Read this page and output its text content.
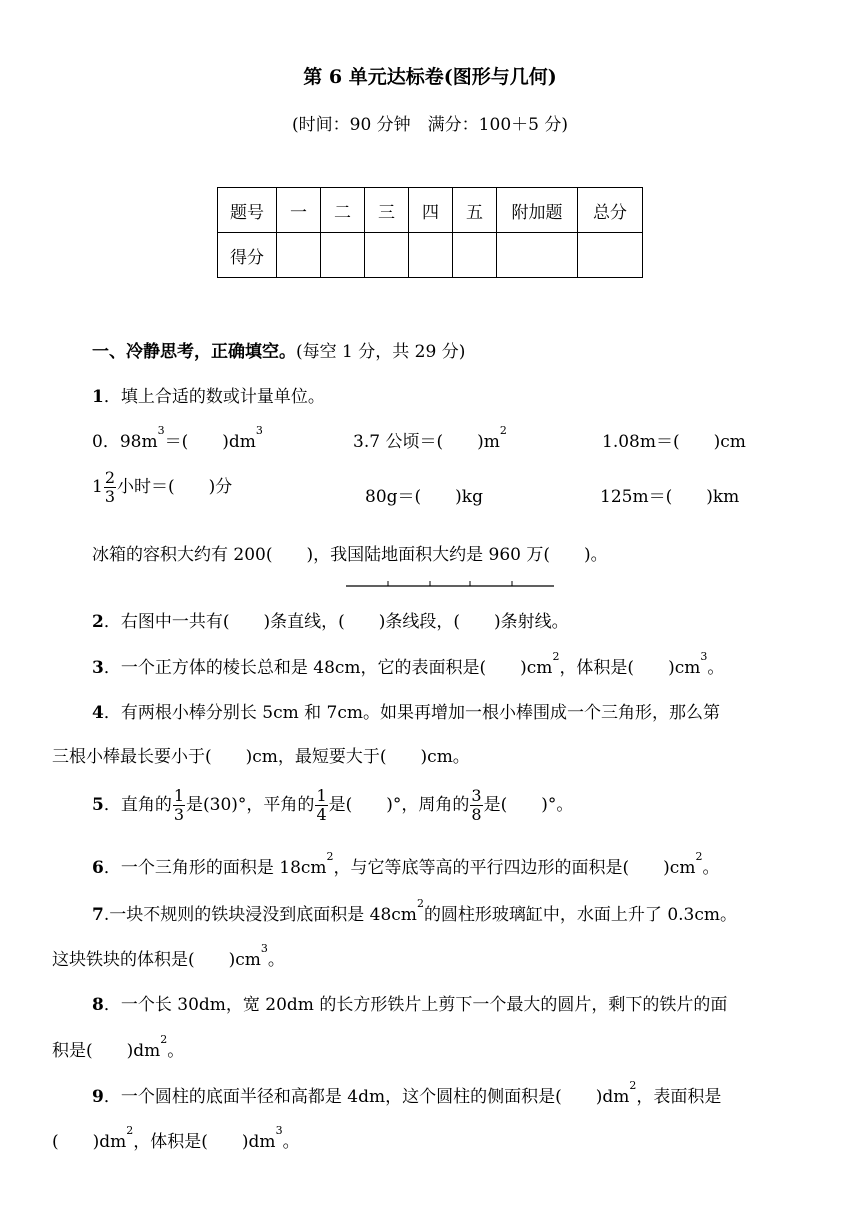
第 6 单元达标卷(图形与几何)
(时间：90 分钟　满分：100＋5 分)
题号	一	二	三	四	五	附加题	总分
得分							
一、冷静思考，正确填空。(每空 1 分，共 29 分)
1．填上合适的数或计量单位。
0．$98m^3=$(　　)$dm^3$
3.7 公顷＝(　　)$m^2$
1.08m＝(　　)cm
$1 \frac{2}{3}$ 小时＝(　　)分	80g＝(　　)kg	125m＝(　　)km
冰箱的容积大约有 200(　　)，我国陆地面积大约是 960 万(　　)。
2．右图中一共有(　　)条直线，(　　)条线段，(　　)条射线。
3．一个正方体的棱长总和是 48cm，它的表面积是(　　)$cm^2$，体积是(　　)$cm^3$。
4．有两根小棒分别长 5cm 和 7cm。如果再增加一根小棒围成一个三角形，那么第
三根小棒最长要小于(　　)cm，最短要大于(　　)cm。
5．直角的 $\frac{1}{3}$ 是(30)°，平角的 $\frac{1}{4}$ 是(　　)°，周角的 $\frac{3}{8}$ 是(　　)°。
6．一个三角形的面积是 $18cm^2$，与它等底等高的平行四边形的面积是(　　)$cm^2$。
7.一块不规则的铁块浸没到底面积是 $48cm^2$的圆柱形玻璃缸中，水面上升了 0.3cm。
这块铁块的体积是(　　)$cm^3$。
8．一个长 30dm，宽 20dm 的长方形铁片上剪下一个最大的圆片，剩下的铁片的面
积是(　　)$dm^2$。
9．一个圆柱的底面半径和高都是 4dm，这个圆柱的侧面积是(　　)$dm^2$，表面积是
(　　)$dm^2$，体积是(　　)$dm^3$。
